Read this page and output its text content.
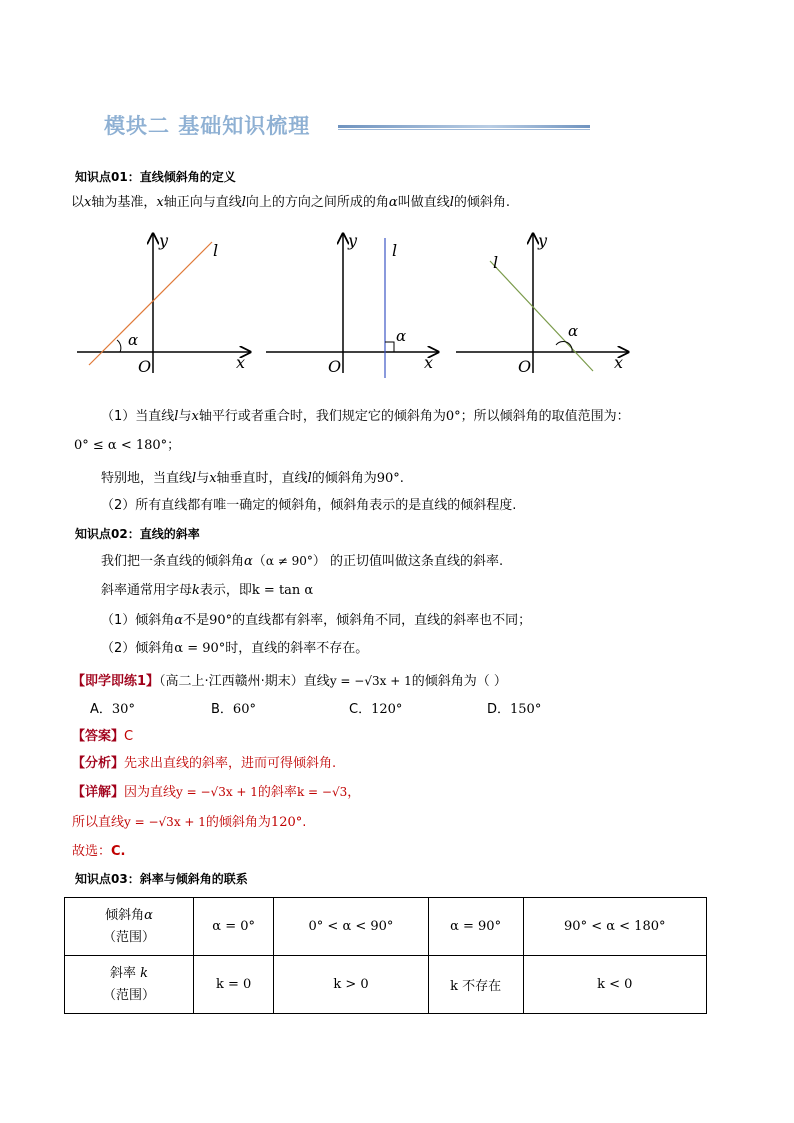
模块二 基础知识梳理
知识点01：直线倾斜角的定义
以x轴为基准，x轴正向与直线l向上的方向之间所成的角α叫做直线l的倾斜角.
y
l
α
O	x
y
l
α
O	x
y
l
α
O	x
（1）当直线l与x轴平行或者重合时，我们规定它的倾斜角为0°；所以倾斜角的取值范围为：
0° ≤ α < 180°；
特别地，当直线l与x轴垂直时，直线l的倾斜角为90°.
（2）所有直线都有唯一确定的倾斜角，倾斜角表示的是直线的倾斜程度.
知识点02：直线的斜率
我们把一条直线的倾斜角α（α ≠ 90°） 的正切值叫做这条直线的斜率.
斜率通常用字母k表示，即k = tan α
（1）倾斜角α不是90°的直线都有斜率，倾斜角不同，直线的斜率也不同；
（2）倾斜角α = 90°时，直线的斜率不存在。
【即学即练1】（高二上·江西赣州·期末）直线y = −√3x + 1的倾斜角为（ ）
A．30°	B．60°	C．120°	D．150°
【答案】C
【分析】先求出直线的斜率，进而可得倾斜角.
【详解】因为直线y = −√3x + 1的斜率k = −√3，
所以直线y = −√3x + 1的倾斜角为120°.
故选：C.
知识点03：斜率与倾斜角的联系
倾斜角α
（范围）	α = 0°	0° < α < 90°	α = 90°	90° < α < 180°
斜率 k
（范围）	k = 0	k > 0	k 不存在	k < 0
